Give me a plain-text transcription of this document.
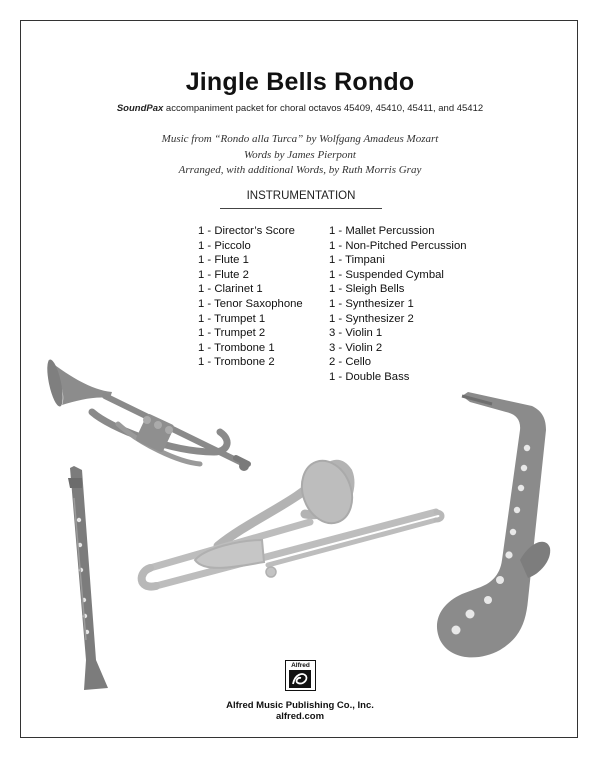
Jingle Bells Rondo
SoundPax accompaniment packet for choral octavos 45409, 45410, 45411, and 45412
Music from “Rondo alla Turca” by Wolfgang Amadeus Mozart
Words by James Pierpont
Arranged, with additional Words, by Ruth Morris Gray
INSTRUMENTATION
1 - Director’s Score
1 - Piccolo
1 - Flute 1
1 - Flute 2
1 - Clarinet 1
1 - Tenor Saxophone
1 - Trumpet 1
1 - Trumpet 2
1 - Trombone 1
1 - Trombone 2
1 - Mallet Percussion
1 - Non-Pitched Percussion
1 - Timpani
1 - Suspended Cymbal
1 - Sleigh Bells
1 - Synthesizer 1
1 - Synthesizer 2
3 - Violin 1
3 - Violin 2
2 - Cello
1 - Double Bass
Alfred
Alfred Music Publishing Co., Inc.
alfred.com
